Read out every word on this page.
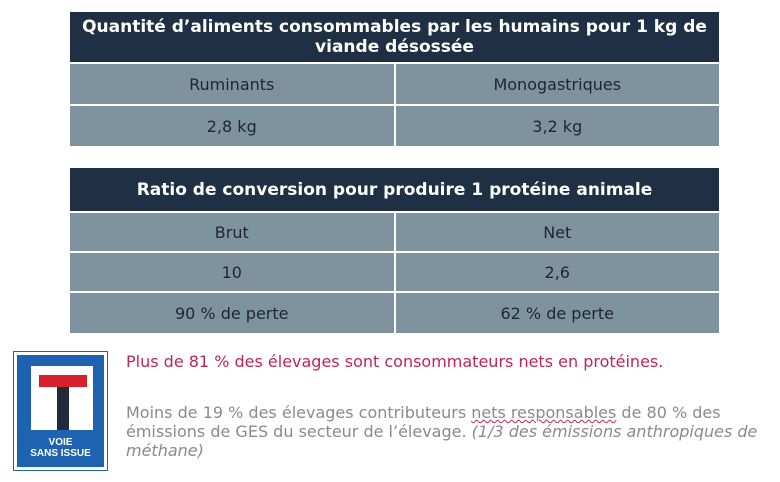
Quantité d’aliments consommables par les humains pour 1 kg de viande désossée	
Ruminants	Monogastriques
2,8 kg	3,2 kg
Ratio de conversion pour produire 1 protéine animale	
Brut	Net
10	2,6
90 % de perte	62 % de perte
VOIE
SANS ISSUE
Plus de 81 % des élevages sont consommateurs nets en protéines.
Moins de 19 % des élevages contributeurs nets responsables de 80 % des émissions de GES du secteur de l’élevage. (1/3 des émissions anthropiques de méthane)
